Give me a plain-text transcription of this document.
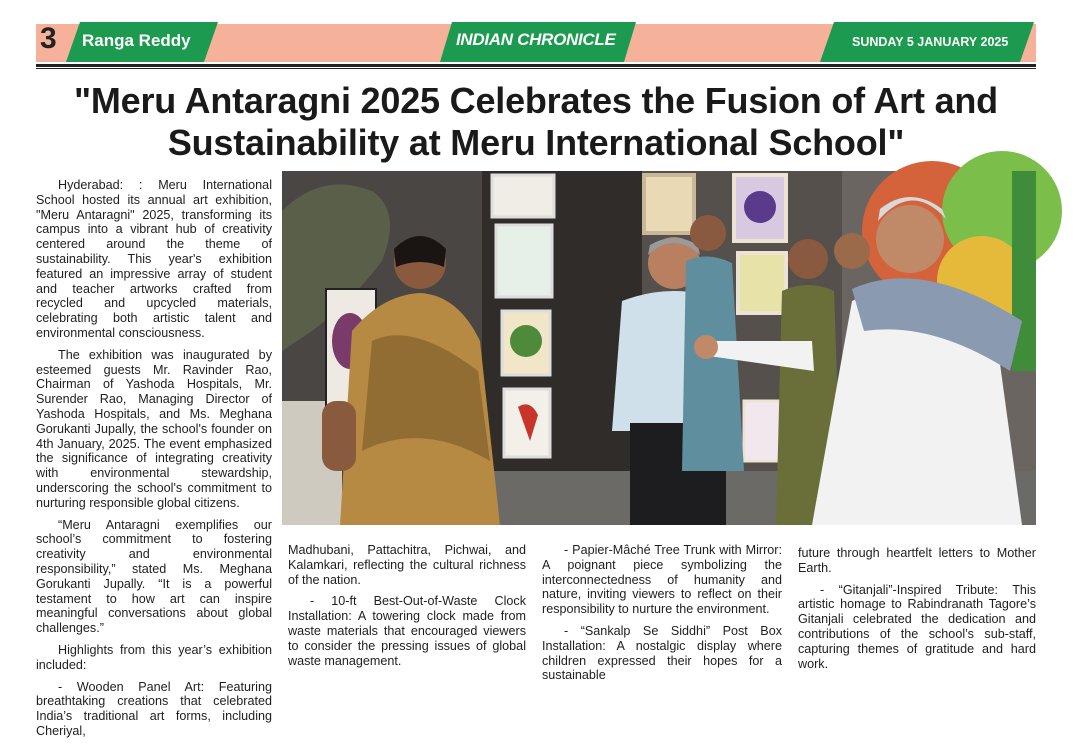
3 Ranga Reddy	INDIAN CHRONICLE	SUNDAY 5 JANUARY 2025
"Meru Antaragni 2025 Celebrates the Fusion of Art and
Sustainability at Meru International School"

Hyderabad: : Meru International School hosted its annual art exhibition, "Meru Antaragni" 2025, transforming its campus into a vibrant hub of creativity centered around the theme of sustainability. This year's exhibition featured an impressive array of student and teacher artworks crafted from recycled and upcycled materials, celebrating both artistic talent and environmental consciousness.

The exhibition was inaugurated by esteemed guests Mr. Ravinder Rao, Chairman of Yashoda Hospitals, Mr. Surender Rao, Managing Director of Yashoda Hospitals, and Ms. Meghana Gorukanti Jupally, the school's founder on 4th January, 2025. The event emphasized the significance of integrating creativity with environmental stewardship, underscoring the school's commitment to nurturing responsible global citizens.

“Meru Antaragni exemplifies our school’s commitment to fostering creativity and environmental responsibility,” stated Ms. Meghana Gorukanti Jupally. “It is a powerful testament to how art can inspire meaningful conversations about global challenges.”

Highlights from this year’s exhibition included:

- Wooden Panel Art: Featuring breathtaking creations that celebrated India’s traditional art forms, including Cheriyal,

Madhubani, Pattachitra, Pichwai, and Kalamkari, reflecting the cultural richness of the nation.

- 10-ft Best-Out-of-Waste Clock Installation: A towering clock made from waste materials that encouraged viewers to consider the pressing issues of global waste management.

- Papier-Mâché Tree Trunk with Mirror: A poignant piece symbolizing the interconnectedness of humanity and nature, inviting viewers to reflect on their responsibility to nurture the environment.

- “Sankalp Se Siddhi” Post Box Installation: A nostalgic display where children expressed their hopes for a sustainable

future through heartfelt letters to Mother Earth.

- “Gitanjali”-Inspired Tribute: This artistic homage to Rabindranath Tagore’s Gitanjali celebrated the dedication and contributions of the school’s sub-staff, capturing themes of gratitude and hard work.
